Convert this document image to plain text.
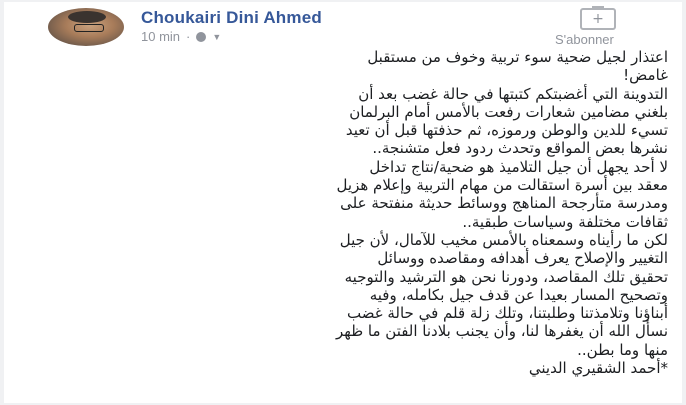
Choukairi Dini Ahmed
10 min · ▼
+
S'abonner
اعتذار لجيل ضحية سوء تربية وخوف من مستقبل
غامض!
التدوينة التي أغضبتكم كتبتها في حالة غضب بعد أن
بلغني مضامين شعارات رفعت بالأمس أمام البرلمان
تسيء للدين والوطن ورموزه، ثم حذفتها قبل أن تعيد
نشرها بعض المواقع وتحدث ردود فعل متشنجة..
لا أحد يجهل أن جيل التلاميذ هو ضحية/نتاج تداخل
معقد بين أسرة استقالت من مهام التربية وإعلام هزيل
ومدرسة متأرجحة المناهج ووسائط حديثة منفتحة على
ثقافات مختلفة وسياسات طبقية..
لكن ما رأيناه وسمعناه بالأمس مخيب للآمال، لأن جيل
التغيير والإصلاح يعرف أهدافه ومقاصده ووسائل
تحقيق تلك المقاصد، ودورنا نحن هو الترشيد والتوجيه
وتصحيح المسار بعيدا عن قدف جيل بكامله، وفيه
أبناؤنا وتلامذتنا وطلبتنا، وتلك زلة قلم في حالة غضب
نسأل الله أن يغفرها لنا، وأن يجنب بلادنا الفتن ما ظهر
منها وما بطن..
*أحمد الشقيري الديني
